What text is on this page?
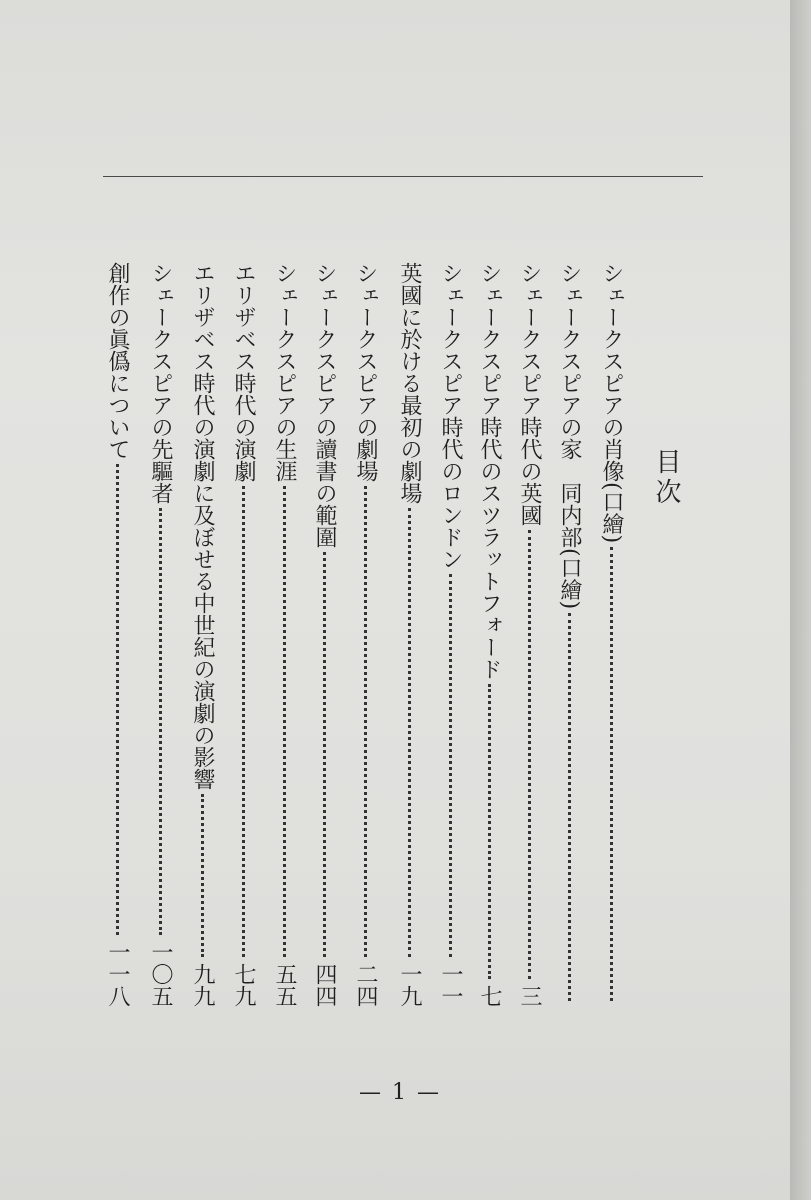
目次
シェークスピアの肖像(口繪)
シェークスピアの家　同内部(口繪)
シェークスピア時代の英國
三
シェークスピア時代のスツラットフォード
七
シェークスピア時代のロンドン
一一
英國に於ける最初の劇場
一九
シェークスピアの劇場
二四
シェークスピアの讀書の範圍
四四
シェークスピアの生涯
五五
エリザベス時代の演劇
七九
エリザベス時代の演劇に及ぼせる中世紀の演劇の影響
九九
シェークスピアの先驅者
一〇五
創作の眞僞について
一一八
— 1 —
